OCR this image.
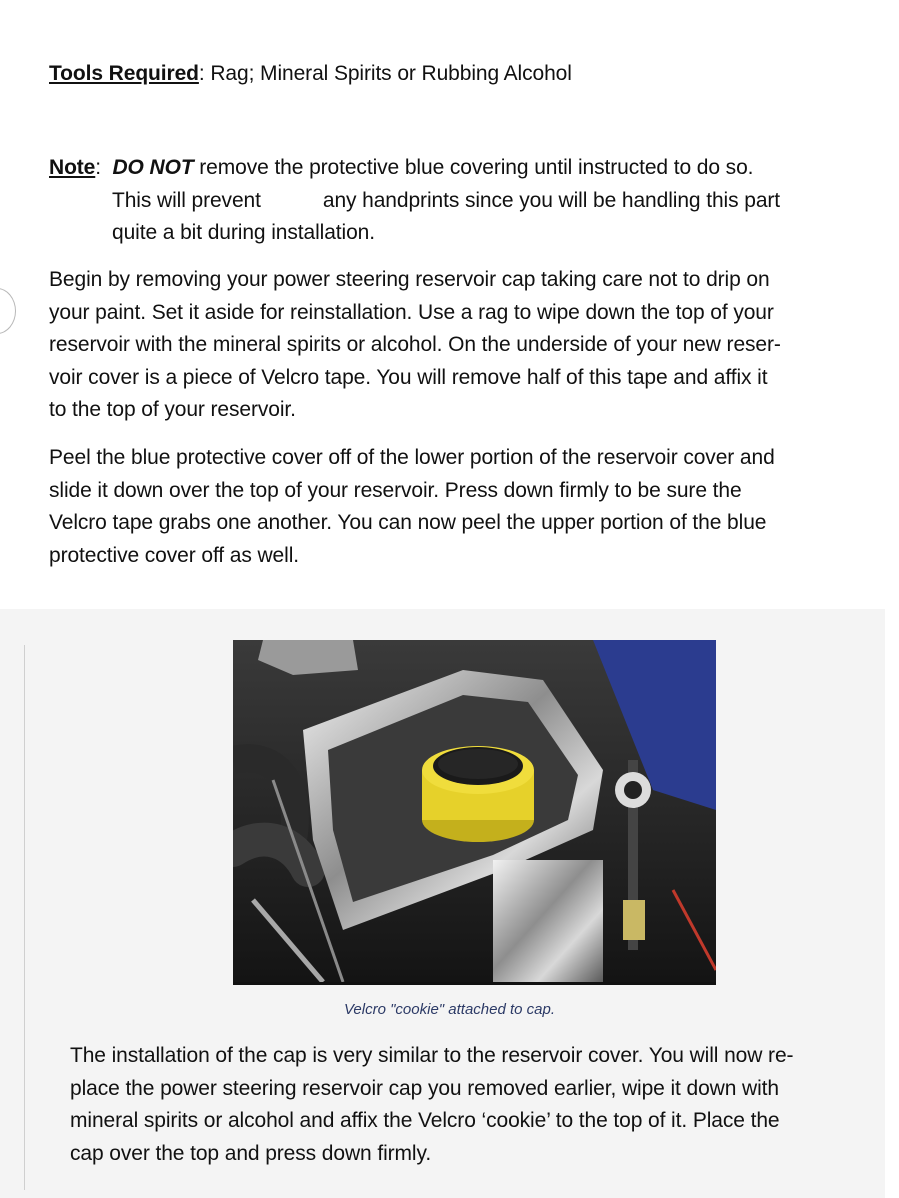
Tools Required: Rag; Mineral Spirits or Rubbing Alcohol
Note:  DO NOT remove the protective blue covering until instructed to do so.
This will prevent	any handprints since you will be handling this part
quite a bit during installation.
Begin by removing your power steering reservoir cap taking care not to drip on
your paint. Set it aside for reinstallation. Use a rag to wipe down the top of your
reservoir with the mineral spirits or alcohol. On the underside of your new reser-
voir cover is a piece of Velcro tape. You will remove half of this tape and affix it
to the top of your reservoir.
Peel the blue protective cover off of the lower portion of the reservoir cover and
slide it down over the top of your reservoir. Press down firmly to be sure the
Velcro tape grabs one another. You can now peel the upper portion of the blue
protective cover off as well.
Velcro "cookie" attached to cap.
The installation of the cap is very similar to the reservoir cover. You will now re-
place the power steering reservoir cap you removed earlier, wipe it down with
mineral spirits or alcohol and affix the Velcro ‘cookie’ to the top of it. Place the
cap over the top and press down firmly.
